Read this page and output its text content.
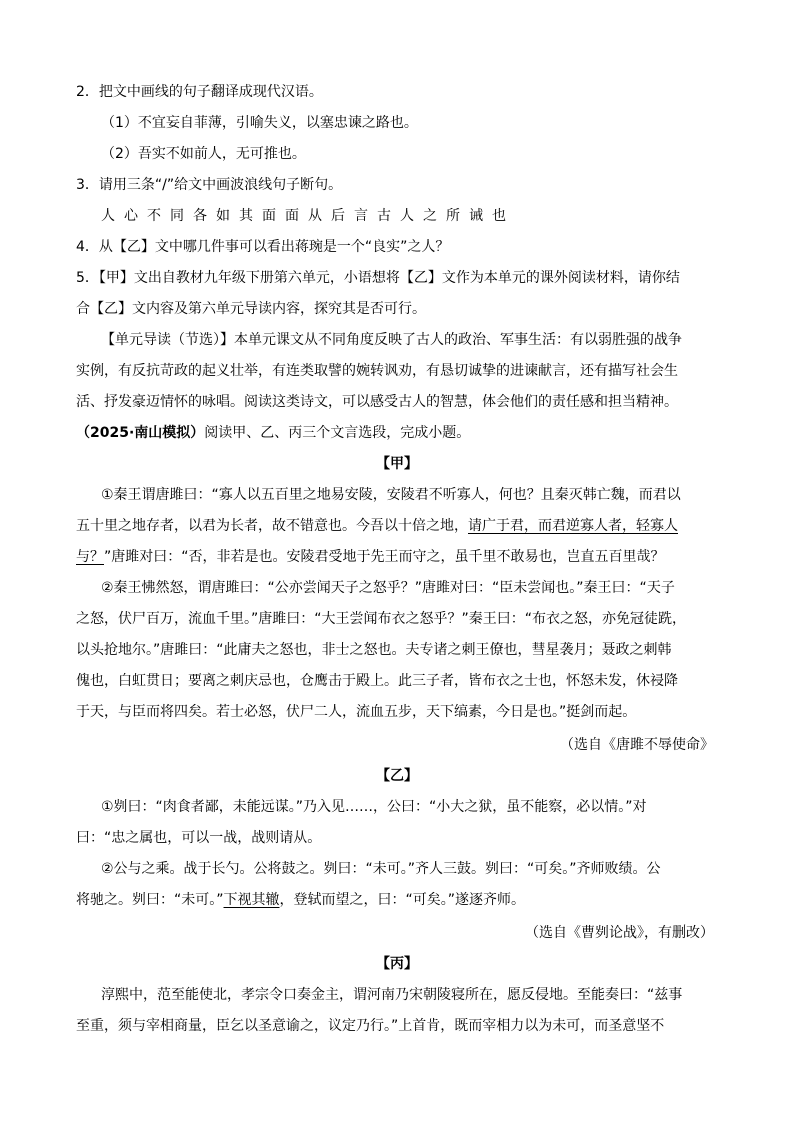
2．把文中画线的句子翻译成现代汉语。
（1）不宜妄自菲薄，引喻失义，以塞忠谏之路也。
（2）吾实不如前人，无可推也。
3．请用三条“/”给文中画波浪线句子断句。
人心不同各如其面面从后言古人之所诫也
4．从【乙】文中哪几件事可以看出蒋琬是一个“良实”之人？
5．【甲】文出自教材九年级下册第六单元，小语想将【乙】文作为本单元的课外阅读材料，请你结
合【乙】文内容及第六单元导读内容，探究其是否可行。
【单元导读（节选）】本单元课文从不同角度反映了古人的政治、军事生活：有以弱胜强的战争
实例，有反抗苛政的起义壮举，有连类取譬的婉转讽劝，有恳切诚挚的进谏献言，还有描写社会生
活、抒发豪迈情怀的咏唱。阅读这类诗文，可以感受古人的智慧，体会他们的责任感和担当精神。
（2025·南山模拟）阅读甲、乙、丙三个文言选段，完成小题。
【甲】
①秦王谓唐雎曰：“寡人以五百里之地易安陵，安陵君不听寡人，何也？且秦灭韩亡魏，而君以
五十里之地存者，以君为长者，故不错意也。今吾以十倍之地，请广于君，而君逆寡人者，轻寡人
与？”唐雎对曰：“否，非若是也。安陵君受地于先王而守之，虽千里不敢易也，岂直五百里哉？
②秦王怫然怒，谓唐雎曰：“公亦尝闻天子之怒乎？”唐雎对曰：“臣未尝闻也。”秦王曰：“天子
之怒，伏尸百万，流血千里。”唐雎曰：“大王尝闻布衣之怒乎？”秦王曰：“布衣之怒，亦免冠徒跣，
以头抢地尔。”唐雎曰：“此庸夫之怒也，非士之怒也。夫专诸之刺王僚也，彗星袭月；聂政之刺韩
傀也，白虹贯日；要离之刺庆忌也，仓鹰击于殿上。此三子者，皆布衣之士也，怀怒未发，休祲降
于天，与臣而将四矣。若士必怒，伏尸二人，流血五步，天下缟素，今日是也。”挺剑而起。
（选自《唐雎不辱使命》
【乙】
①刿曰：“肉食者鄙，未能远谋。”乃入见……，公曰：“小大之狱，虽不能察，必以情。”对
曰：“忠之属也，可以一战，战则请从。
②公与之乘。战于长勺。公将鼓之。刿曰：“未可。”齐人三鼓。刿曰：“可矣。”齐师败绩。公
将驰之。刿曰：“未可。”下视其辙，登轼而望之，曰：“可矣。”遂逐齐师。
（选自《曹刿论战》，有删改）
【丙】
淳熙中，范至能使北，孝宗令口奏金主，谓河南乃宋朝陵寝所在，愿反侵地。至能奏曰：“兹事
至重，须与宰相商量，臣乞以圣意谕之，议定乃行。”上首肯，既而宰相力以为未可，而圣意坚不
